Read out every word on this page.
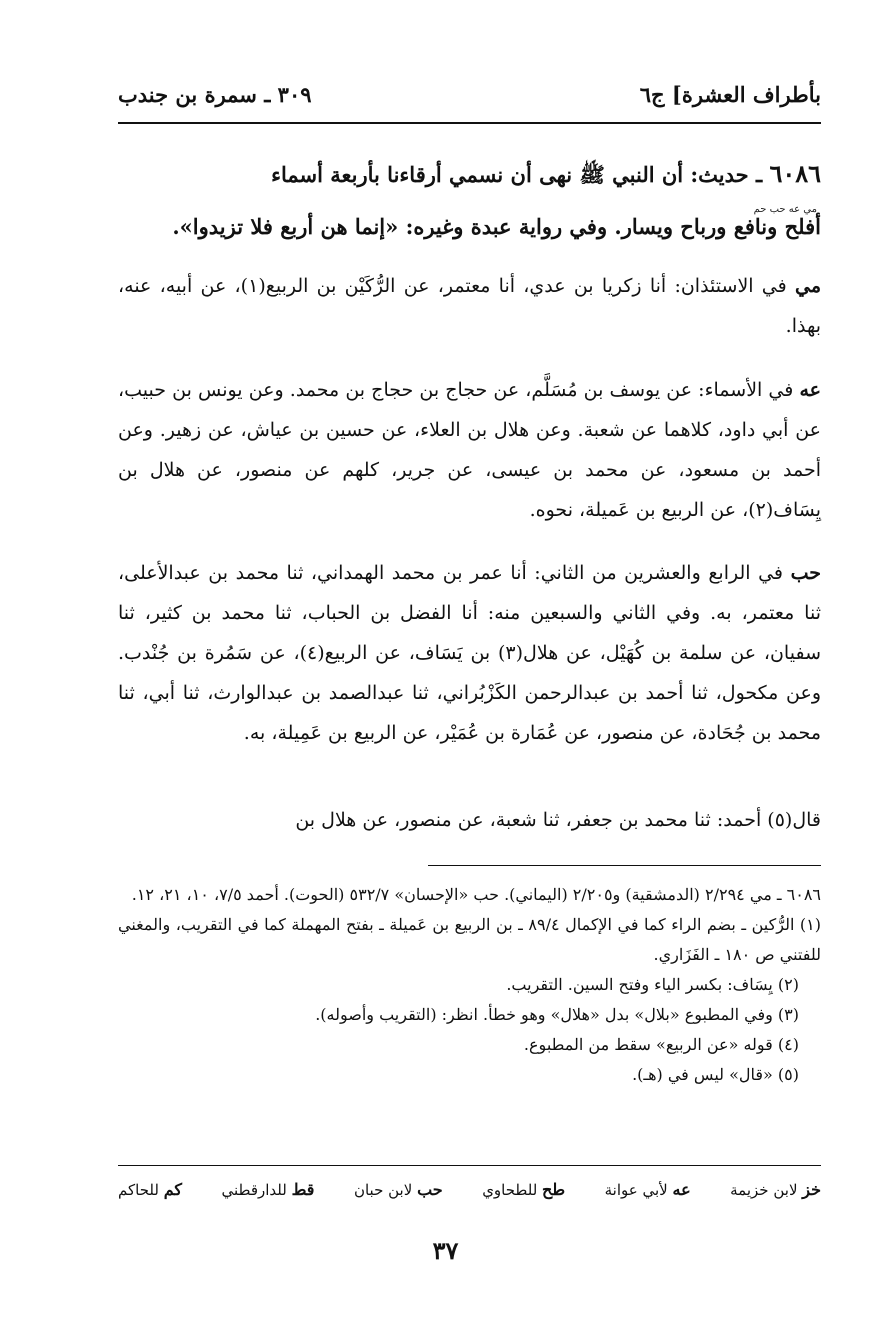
بأطراف العشرة] ج٦
٣٠٩ ـ سمرة بن جندب
٦٠٨٦ ـ حديث: أن النبي ﷺ نهى أن نسمي أرقاءنا بأربعة أسماء
مي عه حب حم
أفلح ونافع ورباح ويسار. وفي رواية عبدة وغيره: «إنما هن أربع فلا تزيدوا».
مي في الاستئذان: أنا زكريا بن عدي، أنا معتمر، عن الرُّكَيْن بن الربيع(١)، عن أبيه، عنه، بهذا.
عه في الأسماء: عن يوسف بن مُسَلَّم، عن حجاج بن حجاج بن محمد. وعن يونس بن حبيب، عن أبي داود، كلاهما عن شعبة. وعن هلال بن العلاء، عن حسين بن عياش، عن زهير. وعن أحمد بن مسعود، عن محمد بن عيسى، عن جرير، كلهم عن منصور، عن هلال بن يِسَاف(٢)، عن الربيع بن عَميلة، نحوه.
حب في الرابع والعشرين من الثاني: أنا عمر بن محمد الهمداني، ثنا محمد بن عبدالأعلى، ثنا معتمر، به. وفي الثاني والسبعين منه: أنا الفضل بن الحباب، ثنا محمد بن كثير، ثنا سفيان، عن سلمة بن كُهَيْل، عن هلال(٣) بن يَسَاف، عن الربيع(٤)، عن سَمُرة بن جُنْدب. وعن مكحول، ثنا أحمد بن عبدالرحمن الكَزْبُراني، ثنا عبدالصمد بن عبدالوارث، ثنا أبي، ثنا محمد بن جُحَادة، عن منصور، عن عُمَارة بن عُمَيْر، عن الربيع بن عَمِيلة، به.
قال(٥) أحمد: ثنا محمد بن جعفر، ثنا شعبة، عن منصور، عن هلال بن
٦٠٨٦ ـ مي ٢/٢٩٤ (الدمشقية) و٢/٢٠٥ (اليماني). حب «الإحسان» ٥٣٢/٧ (الحوت). أحمد ٧/٥، ١٠، ٢١، ١٢.
(١) الرُّكين ـ بضم الراء كما في الإكمال ٨٩/٤ ـ بن الربيع بن عَميلة ـ بفتح المهملة كما في التقريب، والمغني للفتني ص ١٨٠ ـ الفَزَاري.
(٢) يِسَاف: بكسر الياء وفتح السين. التقريب.
(٣) وفي المطبوع «بلال» بدل «هلال» وهو خطأ. انظر: (التقريب وأصوله).
(٤) قوله «عن الربيع» سقط من المطبوع.
(٥) «قال» ليس في (هـ).
خز لابن خزيمة
عه لأبي عوانة
طح للطحاوي
حب لابن حبان
قط للدارقطني
كم للحاكم
٣٧
